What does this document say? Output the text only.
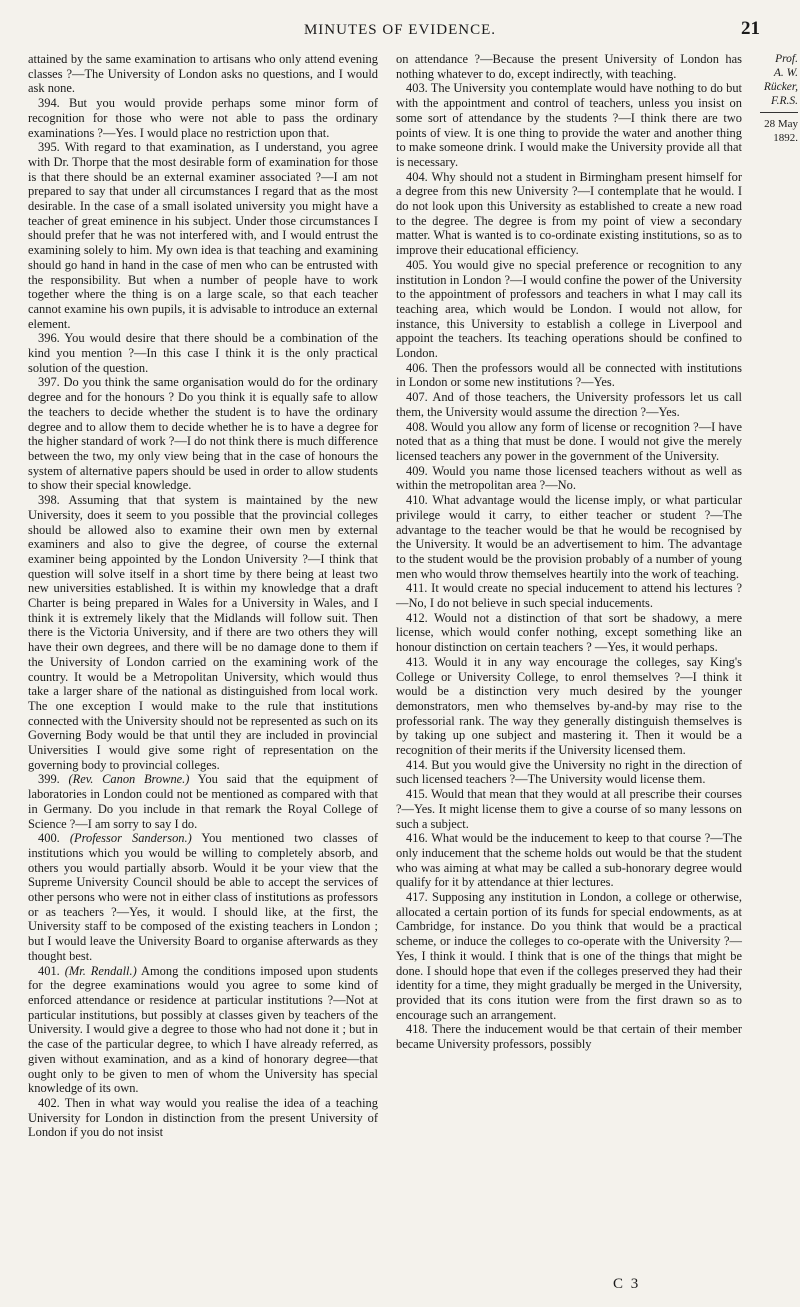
MINUTES OF EVIDENCE.	21

attained by the same examination to artisans who only attend evening classes ?—The University of London asks no questions, and I would ask none.

394. But you would provide perhaps some minor form of recognition for those who were not able to pass the ordinary examinations ?—Yes. I would place no restriction upon that.

395. With regard to that examination, as I understand, you agree with Dr. Thorpe that the most desirable form of examination for those is that there should be an external examiner associated ?—I am not prepared to say that under all circumstances I regard that as the most desirable. In the case of a small isolated university you might have a teacher of great eminence in his subject. Under those circumstances I should prefer that he was not interfered with, and I would entrust the examining solely to him. My own idea is that teaching and examining should go hand in hand in the case of men who can be entrusted with the responsibility. But when a number of people have to work together where the thing is on a large scale, so that each teacher cannot examine his own pupils, it is advisable to introduce an external element.

396. You would desire that there should be a combination of the kind you mention ?—In this case I think it is the only practical solution of the question.

397. Do you think the same organisation would do for the ordinary degree and for the honours ? Do you think it is equally safe to allow the teachers to decide whether the student is to have the ordinary degree and to allow them to decide whether he is to have a degree for the higher standard of work ?—I do not think there is much difference between the two, my only view being that in the case of honours the system of alternative papers should be used in order to allow students to show their special knowledge.

398. Assuming that that system is maintained by the new University, does it seem to you possible that the provincial colleges should be allowed also to examine their own men by external examiners and also to give the degree, of course the external examiner being appointed by the London University ?—I think that question will solve itself in a short time by there being at least two new universities established. It is within my knowledge that a draft Charter is being prepared in Wales for a University in Wales, and I think it is extremely likely that the Midlands will follow suit. Then there is the Victoria University, and if there are two others they will have their own degrees, and there will be no damage done to them if the University of London carried on the examining work of the country. It would be a Metropolitan University, which would thus take a larger share of the national as distinguished from local work. The one exception I would make to the rule that institutions connected with the University should not be represented as such on its Governing Body would be that until they are included in provincial Universities I would give some right of representation on the governing body to provincial colleges.

399. (Rev. Canon Browne.) You said that the equipment of laboratories in London could not be mentioned as compared with that in Germany. Do you include in that remark the Royal College of Science ?—I am sorry to say I do.

400. (Professor Sanderson.) You mentioned two classes of institutions which you would be willing to completely absorb, and others you would partially absorb. Would it be your view that the Supreme University Council should be able to accept the services of other persons who were not in either class of institutions as professors or as teachers ?—Yes, it would. I should like, at the first, the University staff to be composed of the existing teachers in London ; but I would leave the University Board to organise afterwards as they thought best.

401. (Mr. Rendall.) Among the conditions imposed upon students for the degree examinations would you agree to some kind of enforced attendance or residence at particular institutions ?—Not at particular institutions, but possibly at classes given by teachers of the University. I would give a degree to those who had not done it ; but in the case of the particular degree, to which I have already referred, as given without examination, and as a kind of honorary degree—that ought only to be given to men of whom the University has special knowledge of its own.

402. Then in what way would you realise the idea of a teaching University for London in distinction from the present University of London if you do not insist

on attendance ?—Because the present University of London has nothing whatever to do, except indirectly, with teaching.

403. The University you contemplate would have nothing to do but with the appointment and control of teachers, unless you insist on some sort of attendance by the students ?—I think there are two points of view. It is one thing to provide the water and another thing to make someone drink. I would make the University provide all that is necessary.

404. Why should not a student in Birmingham present himself for a degree from this new University ?—I contemplate that he would. I do not look upon this University as established to create a new road to the degree. The degree is from my point of view a secondary matter. What is wanted is to co-ordinate existing institutions, so as to improve their educational efficiency.

405. You would give no special preference or recognition to any institution in London ?—I would confine the power of the University to the appointment of professors and teachers in what I may call its teaching area, which would be London. I would not allow, for instance, this University to establish a college in Liverpool and appoint the teachers. Its teaching operations should be confined to London.

406. Then the professors would all be connected with institutions in London or some new institutions ?—Yes.

407. And of those teachers, the University professors let us call them, the University would assume the direction ?—Yes.

408. Would you allow any form of license or recognition ?—I have noted that as a thing that must be done. I would not give the merely licensed teachers any power in the government of the University.

409. Would you name those licensed teachers without as well as within the metropolitan area ?—No.

410. What advantage would the license imply, or what particular privilege would it carry, to either teacher or student ?—The advantage to the teacher would be that he would be recognised by the University. It would be an advertisement to him. The advantage to the student would be the provision probably of a number of young men who would throw themselves heartily into the work of teaching.

411. It would create no special inducement to attend his lectures ?—No, I do not believe in such special inducements.

412. Would not a distinction of that sort be shadowy, a mere license, which would confer nothing, except something like an honour distinction on certain teachers ? —Yes, it would perhaps.

413. Would it in any way encourage the colleges, say King's College or University College, to enrol themselves ?—I think it would be a distinction very much desired by the younger demonstrators, men who themselves by-and-by may rise to the professorial rank. The way they generally distinguish themselves is by taking up one subject and mastering it. Then it would be a recognition of their merits if the University licensed them.

414. But you would give the University no right in the direction of such licensed teachers ?—The University would license them.

415. Would that mean that they would at all prescribe their courses ?—Yes. It might license them to give a course of so many lessons on such a subject.

416. What would be the inducement to keep to that course ?—The only inducement that the scheme holds out would be that the student who was aiming at what may be called a sub-honorary degree would qualify for it by attendance at thier lectures.

417. Supposing any institution in London, a college or otherwise, allocated a certain portion of its funds for special endowments, as at Cambridge, for instance. Do you think that would be a practical scheme, or induce the colleges to co-operate with the University ?—Yes, I think it would. I think that is one of the things that might be done. I should hope that even if the colleges preserved they had their identity for a time, they might gradually be merged in the University, provided that its cons itution were from the first drawn so as to encourage such an arrangement.

418. There the inducement would be that certain of their member became University professors, possibly

Prof.
A. W. Rücker,
F.R.S.
28 May 1892.
C 3
